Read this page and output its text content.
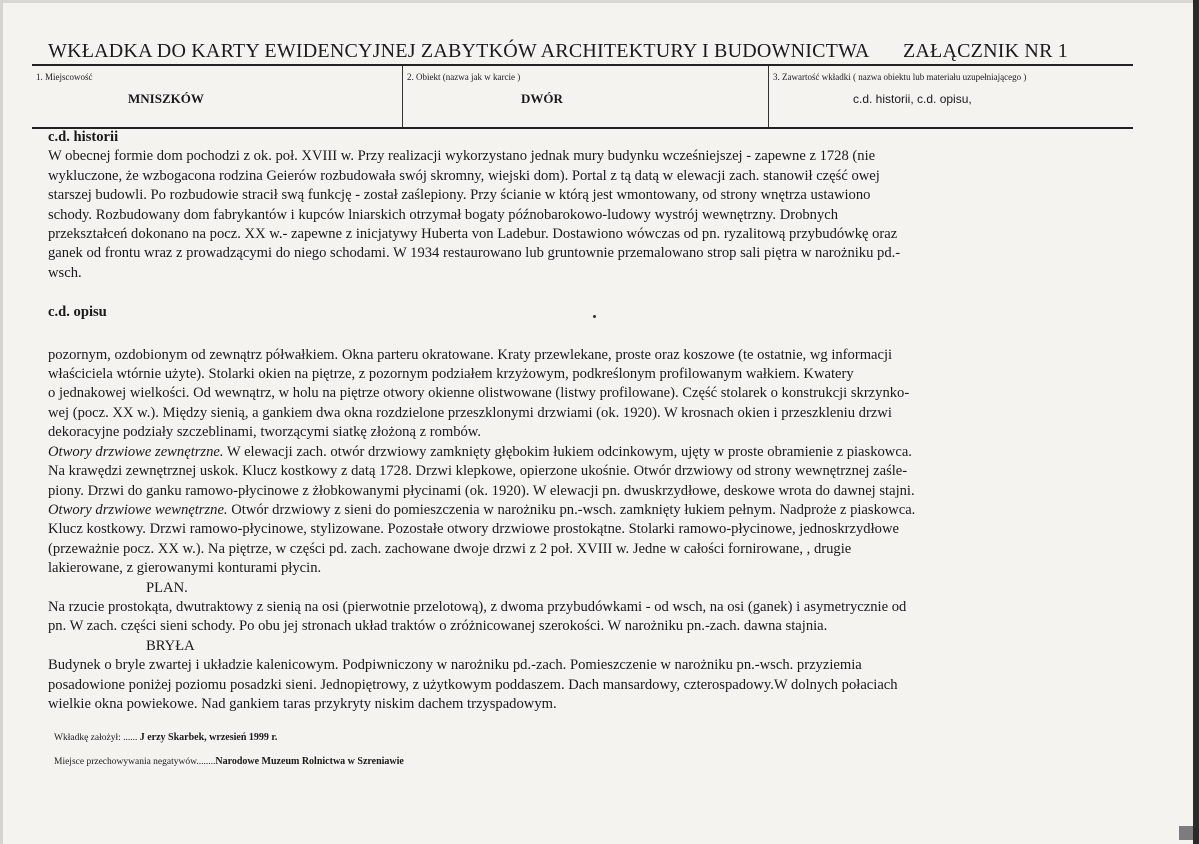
WKŁADKA DO KARTY EWIDENCYJNEJ ZABYTKÓW ARCHITEKTURY I BUDOWNICTWA ZAŁĄCZNIK NR 1
1. Miejscowość
MNISZKÓW
2. Obiekt (nazwa jak w karcie )
DWÓR
3. Zawartość wkładki ( nazwa obiektu lub materiału uzupełniającego )
c.d. historii, c.d. opisu,
c.d. historii

W obecnej formie dom pochodzi z ok. poł. XVIII w. Przy realizacji wykorzystano jednak mury budynku wcześniejszej - zapewne z 1728 (nie

wykluczone, że wzbogacona rodzina Geierów rozbudowała swój skromny, wiejski dom). Portal z tą datą w elewacji zach. stanowił część owej

starszej budowli. Po rozbudowie stracił swą funkcję - został zaślepiony. Przy ścianie w którą jest wmontowany, od strony wnętrza ustawiono

schody. Rozbudowany dom fabrykantów i kupców lniarskich otrzymał bogaty późnobarokowo-ludowy wystrój wewnętrzny. Drobnych

przekształceń dokonano na pocz. XX w.- zapewne z inicjatywy Huberta von Ladebur. Dostawiono wówczas od pn. ryzalitową przybudówkę oraz

ganek od frontu wraz z prowadzącymi do niego schodami. W 1934 restaurowano lub gruntownie przemalowano strop sali piętra w narożniku pd.-

wsch.

c.d. opisu

pozornym, ozdobionym od zewnątrz półwałkiem. Okna parteru okratowane. Kraty przewlekane, proste oraz koszowe (te ostatnie, wg informacji

właściciela wtórnie użyte). Stolarki okien na piętrze, z pozornym podziałem krzyżowym, podkreślonym profilowanym wałkiem. Kwatery

o jednakowej wielkości. Od wewnątrz, w holu na piętrze otwory okienne olistwowane (listwy profilowane). Część stolarek o konstrukcji skrzynko-

wej (pocz. XX w.). Między sienią, a gankiem dwa okna rozdzielone przeszklonymi drzwiami (ok. 1920). W krosnach okien i przeszkleniu drzwi

dekoracyjne podziały szczeblinami, tworzącymi siatkę złożoną z rombów.

Otwory drzwiowe zewnętrzne. W elewacji zach. otwór drzwiowy zamknięty głębokim łukiem odcinkowym, ujęty w proste obramienie z piaskowca.

Na krawędzi zewnętrznej uskok. Klucz kostkowy z datą 1728. Drzwi klepkowe, opierzone ukośnie. Otwór drzwiowy od strony wewnętrznej zaśle-

piony. Drzwi do ganku ramowo-płycinowe z żłobkowanymi płycinami (ok. 1920). W elewacji pn. dwuskrzydłowe, deskowe wrota do dawnej stajni.

Otwory drzwiowe wewnętrzne. Otwór drzwiowy z sieni do pomieszczenia w narożniku pn.-wsch. zamknięty łukiem pełnym. Nadproże z piaskowca.

Klucz kostkowy. Drzwi ramowo-płycinowe, stylizowane. Pozostałe otwory drzwiowe prostokątne. Stolarki ramowo-płycinowe, jednoskrzydłowe

(przeważnie pocz. XX w.). Na piętrze, w części pd. zach. zachowane dwoje drzwi z 2 poł. XVIII w. Jedne w całości fornirowane, , drugie

lakierowane, z gierowanymi konturami płycin.

PLAN.

Na rzucie prostokąta, dwutraktowy z sienią na osi (pierwotnie przelotową), z dwoma przybudówkami - od wsch, na osi (ganek) i asymetrycznie od

pn. W zach. części sieni schody. Po obu jej stronach układ traktów o zróżnicowanej szerokości. W narożniku pn.-zach. dawna stajnia.

BRYŁA

Budynek o bryle zwartej i układzie kalenicowym. Podpiwniczony w narożniku pd.-zach. Pomieszczenie w narożniku pn.-wsch. przyziemia

posadowione poniżej poziomu posadzki sieni. Jednopiętrowy, z użytkowym poddaszem. Dach mansardowy, czterospadowy.W dolnych połaciach

wielkie okna powiekowe. Nad gankiem taras przykryty niskim dachem trzyspadowym.

Wkładkę założył: ...... J erzy Skarbek, wrzesień 1999 r.
Miejsce przechowywania negatywów........Narodowe Muzeum Rolnictwa w Szreniawie
